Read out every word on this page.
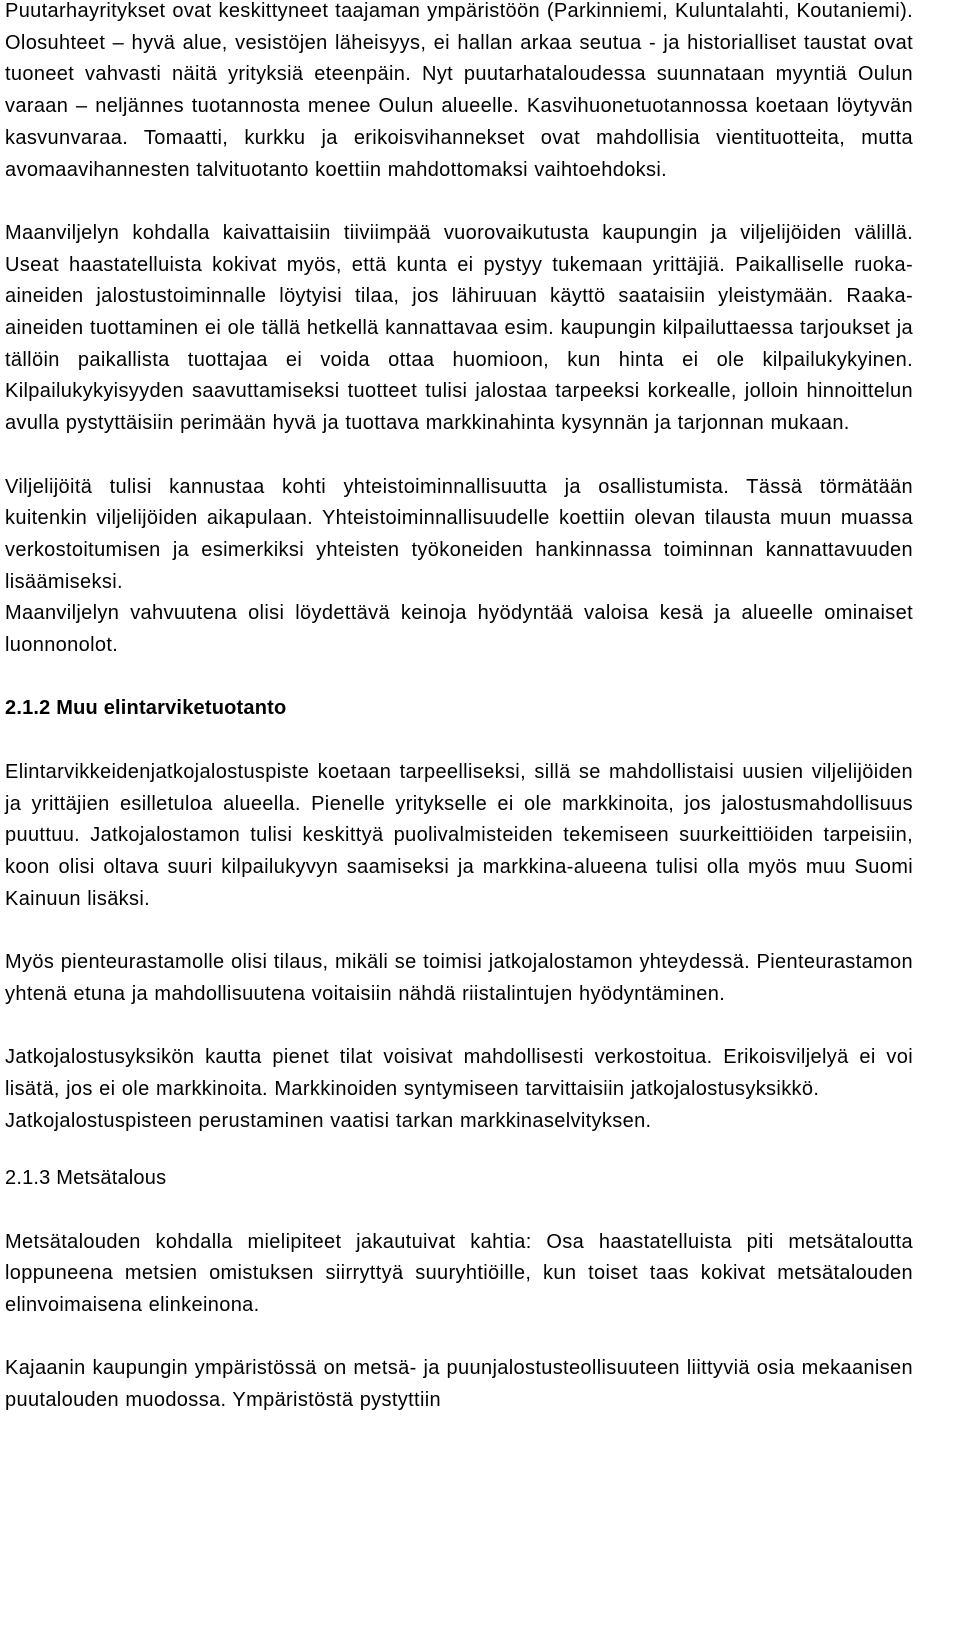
Puutarhayritykset ovat keskittyneet taajaman ympäristöön (Parkinniemi, Kuluntalahti, Koutaniemi). Olosuhteet – hyvä alue, vesistöjen läheisyys, ei hallan arkaa seutua - ja historialliset taustat ovat tuoneet vahvasti näitä yrityksiä eteenpäin. Nyt puutarhataloudessa suunnataan myyntiä Oulun varaan – neljännes tuotannosta menee Oulun alueelle. Kasvihuonetuotannossa koetaan löytyvän kasvunvaraa. Tomaatti, kurkku ja erikoisvihannekset ovat mahdollisia vientituotteita, mutta avomaavihannesten talvituotanto koettiin mahdottomaksi vaihtoehdoksi.

Maanviljelyn kohdalla kaivattaisiin tiiviimpää vuorovaikutusta kaupungin ja viljelijöiden välillä. Useat haastatelluista kokivat myös, että kunta ei pystyy tukemaan yrittäjiä. Paikalliselle ruoka-aineiden jalostustoiminnalle löytyisi tilaa, jos lähiruuan käyttö saataisiin yleistymään. Raaka-aineiden tuottaminen ei ole tällä hetkellä kannattavaa esim. kaupungin kilpailuttaessa tarjoukset ja tällöin paikallista tuottajaa ei voida ottaa huomioon, kun hinta ei ole kilpailukykyinen. Kilpailukykyisyyden saavuttamiseksi tuotteet tulisi jalostaa tarpeeksi korkealle, jolloin hinnoittelun avulla pystyttäisiin perimään hyvä ja tuottava markkinahinta kysynnän ja tarjonnan mukaan.

Viljelijöitä tulisi kannustaa kohti yhteistoiminnallisuutta ja osallistumista. Tässä törmätään kuitenkin viljelijöiden aikapulaan. Yhteistoiminnallisuudelle koettiin olevan tilausta muun muassa verkostoitumisen ja esimerkiksi yhteisten työkoneiden hankinnassa toiminnan kannattavuuden lisäämiseksi.

Maanviljelyn vahvuutena olisi löydettävä keinoja hyödyntää valoisa kesä ja alueelle ominaiset luonnonolot.

2.1.2 Muu elintarviketuotanto

Elintarvikkeidenjatkojalostuspiste koetaan tarpeelliseksi, sillä se mahdollistaisi uusien viljelijöiden ja yrittäjien esilletuloa alueella. Pienelle yritykselle ei ole markkinoita, jos jalostusmahdollisuus puuttuu. Jatkojalostamon tulisi keskittyä puolivalmisteiden tekemiseen suurkeittiöiden tarpeisiin, koon olisi oltava suuri kilpailukyvyn saamiseksi ja markkina-alueena tulisi olla myös muu Suomi Kainuun lisäksi.

Myös pienteurastamolle olisi tilaus, mikäli se toimisi jatkojalostamon yhteydessä. Pienteurastamon yhtenä etuna ja mahdollisuutena voitaisiin nähdä riistalintujen hyödyntäminen.

Jatkojalostusyksikön kautta pienet tilat voisivat mahdollisesti verkostoitua. Erikoisviljelyä ei voi lisätä, jos ei ole markkinoita. Markkinoiden syntymiseen tarvittaisiin jatkojalostusyksikkö.

Jatkojalostuspisteen perustaminen vaatisi tarkan markkinaselvityksen.

2.1.3 Metsätalous

Metsätalouden kohdalla mielipiteet jakautuivat kahtia: Osa haastatelluista piti metsätaloutta loppuneena metsien omistuksen siirryttyä suuryhtiöille, kun toiset taas kokivat metsätalouden elinvoimaisena elinkeinona.

Kajaanin kaupungin ympäristössä on metsä- ja puunjalostusteollisuuteen liittyviä osia mekaanisen puutalouden muodossa. Ympäristöstä pystyttiin
